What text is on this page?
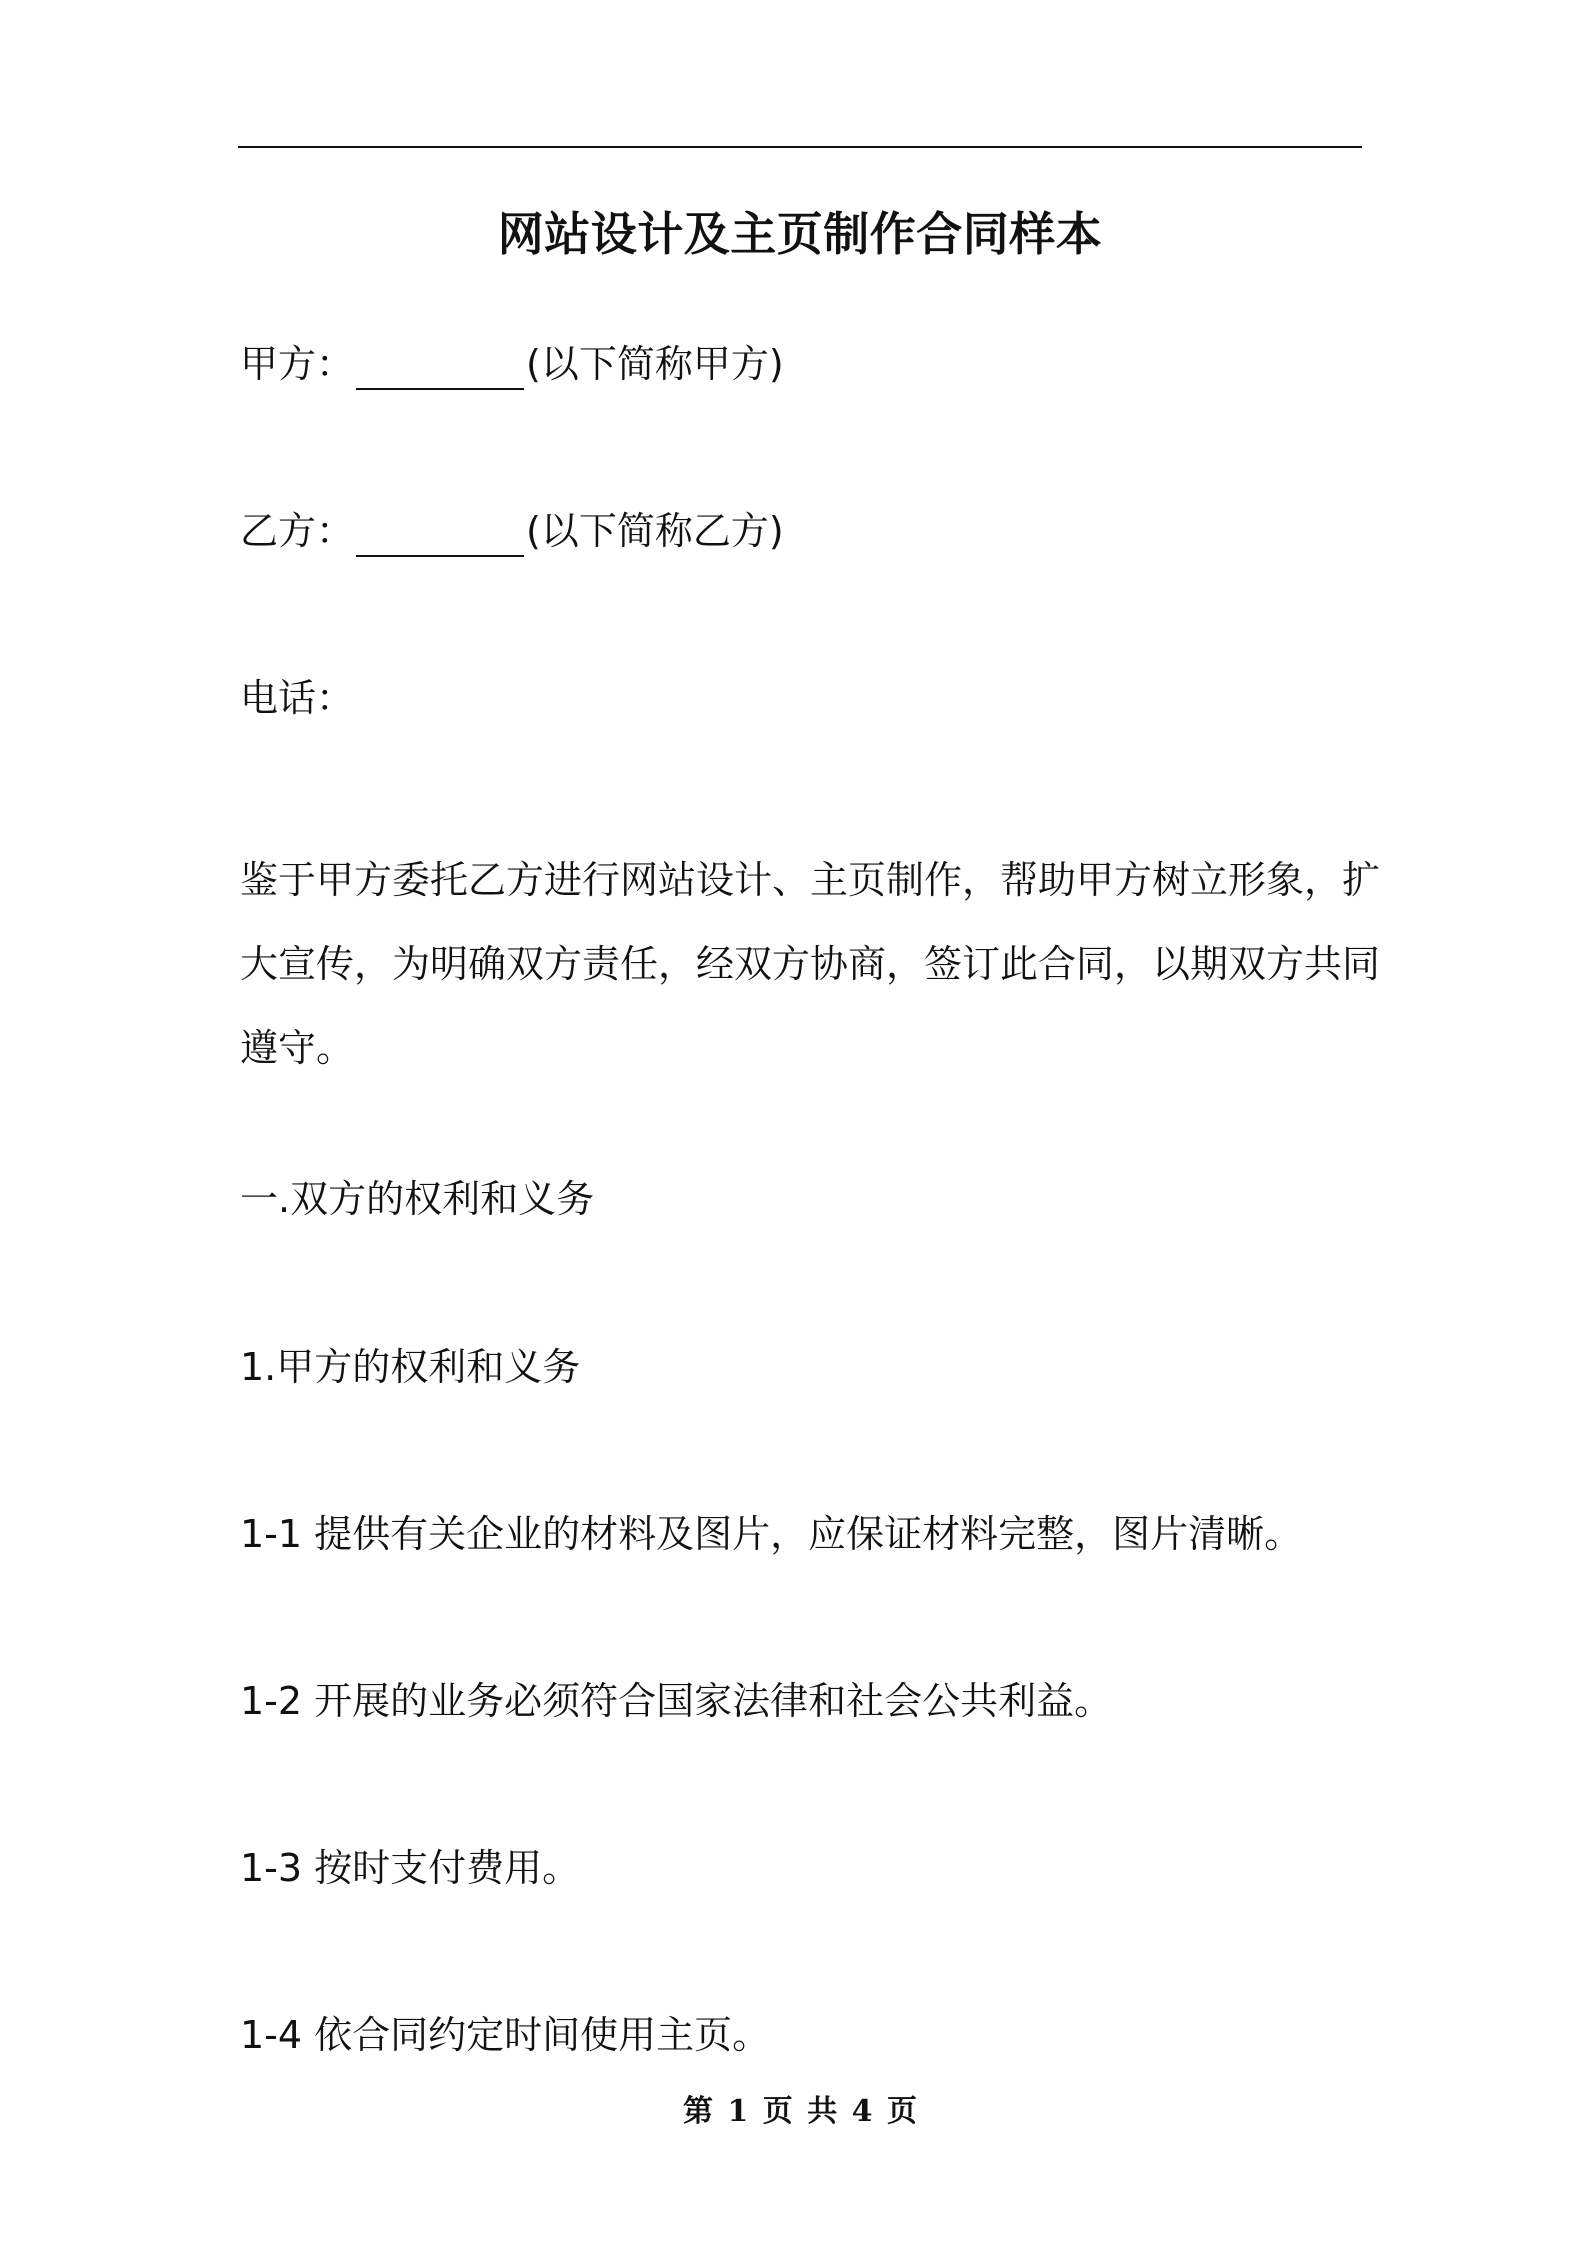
网站设计及主页制作合同样本
甲方：	(以下简称甲方)
乙方：	(以下简称乙方)
电话：
鉴于甲方委托乙方进行网站设计、主页制作，帮助甲方树立形象，扩
大宣传，为明确双方责任，经双方协商，签订此合同，以期双方共同
遵守。
一.双方的权利和义务
1.甲方的权利和义务
1-1 提供有关企业的材料及图片，应保证材料完整，图片清晰。
1-2 开展的业务必须符合国家法律和社会公共利益。
1-3 按时支付费用。
1-4 依合同约定时间使用主页。
第 1 页 共 4 页
